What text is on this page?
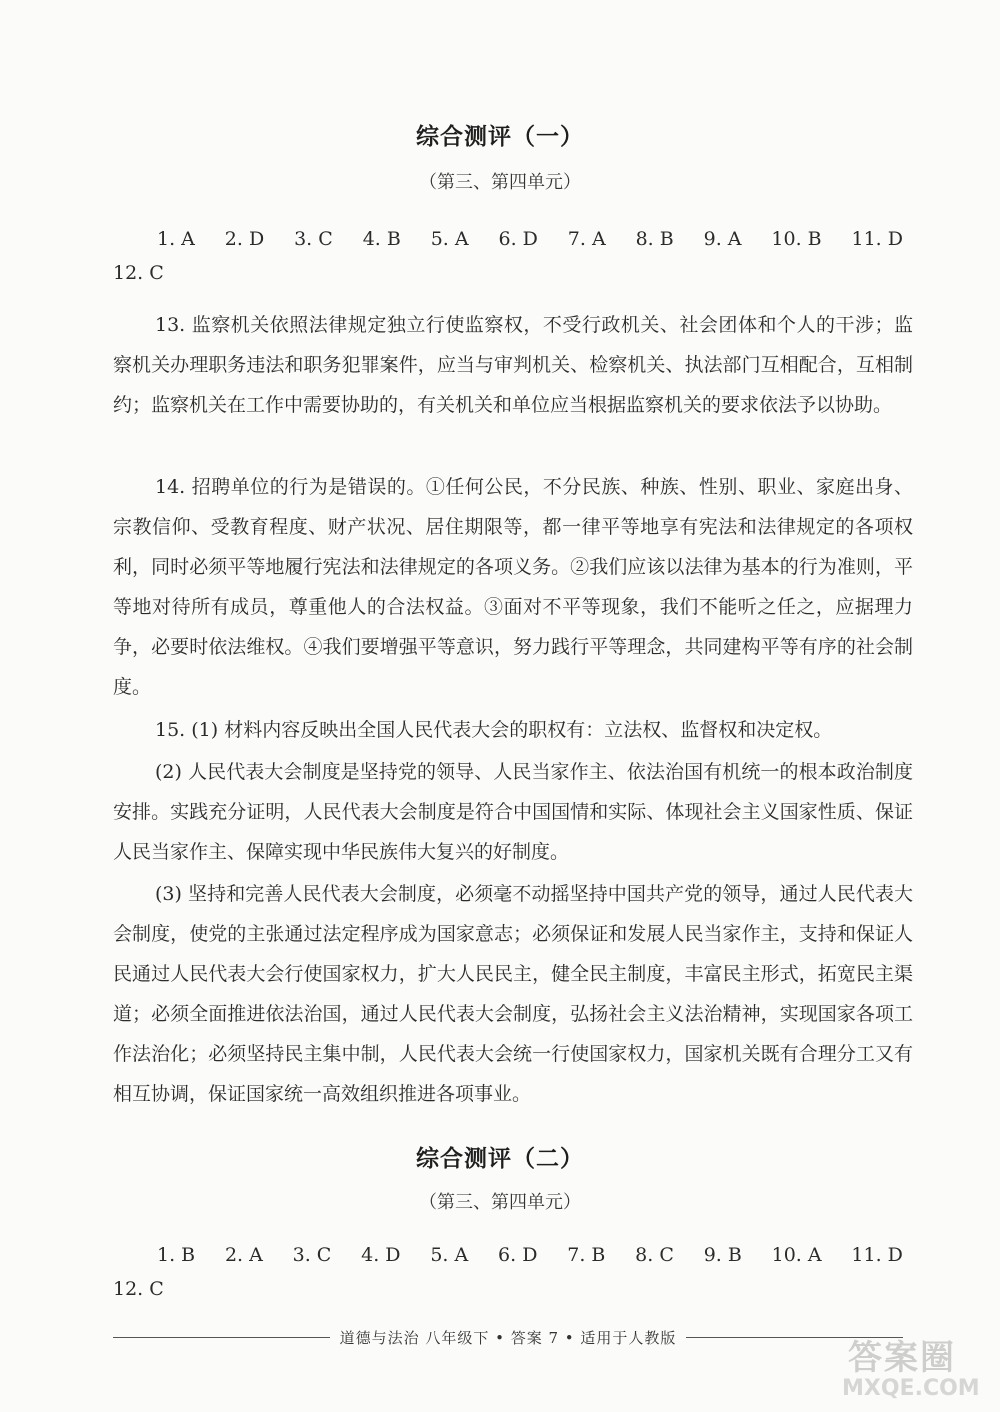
综合测评（一）
（第三、第四单元）
1. A 2. D 3. C 4. B 5. A 6. D 7. A 8. B 9. A 10. B 11. D
12. C

13. 监察机关依照法律规定独立行使监察权，不受行政机关、社会团体和个人的干涉；监察机关办理职务违法和职务犯罪案件，应当与审判机关、检察机关、执法部门互相配合，互相制约；监察机关在工作中需要协助的，有关机关和单位应当根据监察机关的要求依法予以协助。

14. 招聘单位的行为是错误的。①任何公民，不分民族、种族、性别、职业、家庭出身、宗教信仰、受教育程度、财产状况、居住期限等，都一律平等地享有宪法和法律规定的各项权利，同时必须平等地履行宪法和法律规定的各项义务。②我们应该以法律为基本的行为准则，平等地对待所有成员，尊重他人的合法权益。③面对不平等现象，我们不能听之任之，应据理力争，必要时依法维权。④我们要增强平等意识，努力践行平等理念，共同建构平等有序的社会制度。

15. (1) 材料内容反映出全国人民代表大会的职权有：立法权、监督权和决定权。

(2) 人民代表大会制度是坚持党的领导、人民当家作主、依法治国有机统一的根本政治制度安排。实践充分证明，人民代表大会制度是符合中国国情和实际、体现社会主义国家性质、保证人民当家作主、保障实现中华民族伟大复兴的好制度。

(3) 坚持和完善人民代表大会制度，必须毫不动摇坚持中国共产党的领导，通过人民代表大会制度，使党的主张通过法定程序成为国家意志；必须保证和发展人民当家作主，支持和保证人民通过人民代表大会行使国家权力，扩大人民民主，健全民主制度，丰富民主形式，拓宽民主渠道；必须全面推进依法治国，通过人民代表大会制度，弘扬社会主义法治精神，实现国家各项工作法治化；必须坚持民主集中制，人民代表大会统一行使国家权力，国家机关既有合理分工又有相互协调，保证国家统一高效组织推进各项事业。

综合测评（二）
（第三、第四单元）
1. B 2. A 3. C 4. D 5. A 6. D 7. B 8. C 9. B 10. A 11. D
12. C
道德与法治 八年级下 • 答案 7 • 适用于人教版
答案圈
MXQE.COM
